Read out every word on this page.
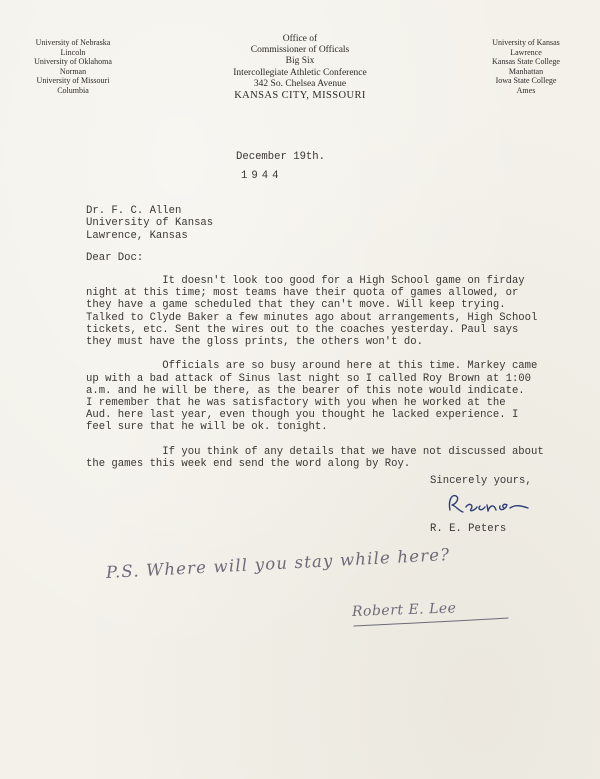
University of Nebraska
Lincoln
University of Oklahoma
Norman
University of Missouri
Columbia
Office of
Commissioner of Officals
Big Six
Intercollegiate Athletic Conference
342 So. Chelsea Avenue
KANSAS CITY, MISSOURI
University of Kansas
Lawrence
Kansas State College
Manhattan
Iowa State College
Ames
December 19th.
1944
Dr. F. C. Allen
University of Kansas
Lawrence, Kansas
Dear Doc:
It doesn't look too good for a High School game on firday
night at this time; most teams have their quota of games allowed, or
they have a game scheduled that they can't move. Will keep trying.
Talked to Clyde Baker a few minutes ago about arrangements, High School
tickets, etc. Sent the wires out to the coaches yesterday. Paul says
they must have the gloss prints, the others won't do.

Officials are so busy around here at this time. Markey came
up with a bad attack of Sinus last night so I called Roy Brown at 1:00
a.m. and he will be there, as the bearer of this note would indicate.
I remember that he was satisfactory with you when he worked at the
Aud. here last year, even though you thought he lacked experience. I
feel sure that he will be ok. tonight.

If you think of any details that we have not discussed about
the games this week end send the word along by Roy.
Sincerely yours,
R. E. Peters
P.S. Where will you stay while here?
Robert E. Lee
